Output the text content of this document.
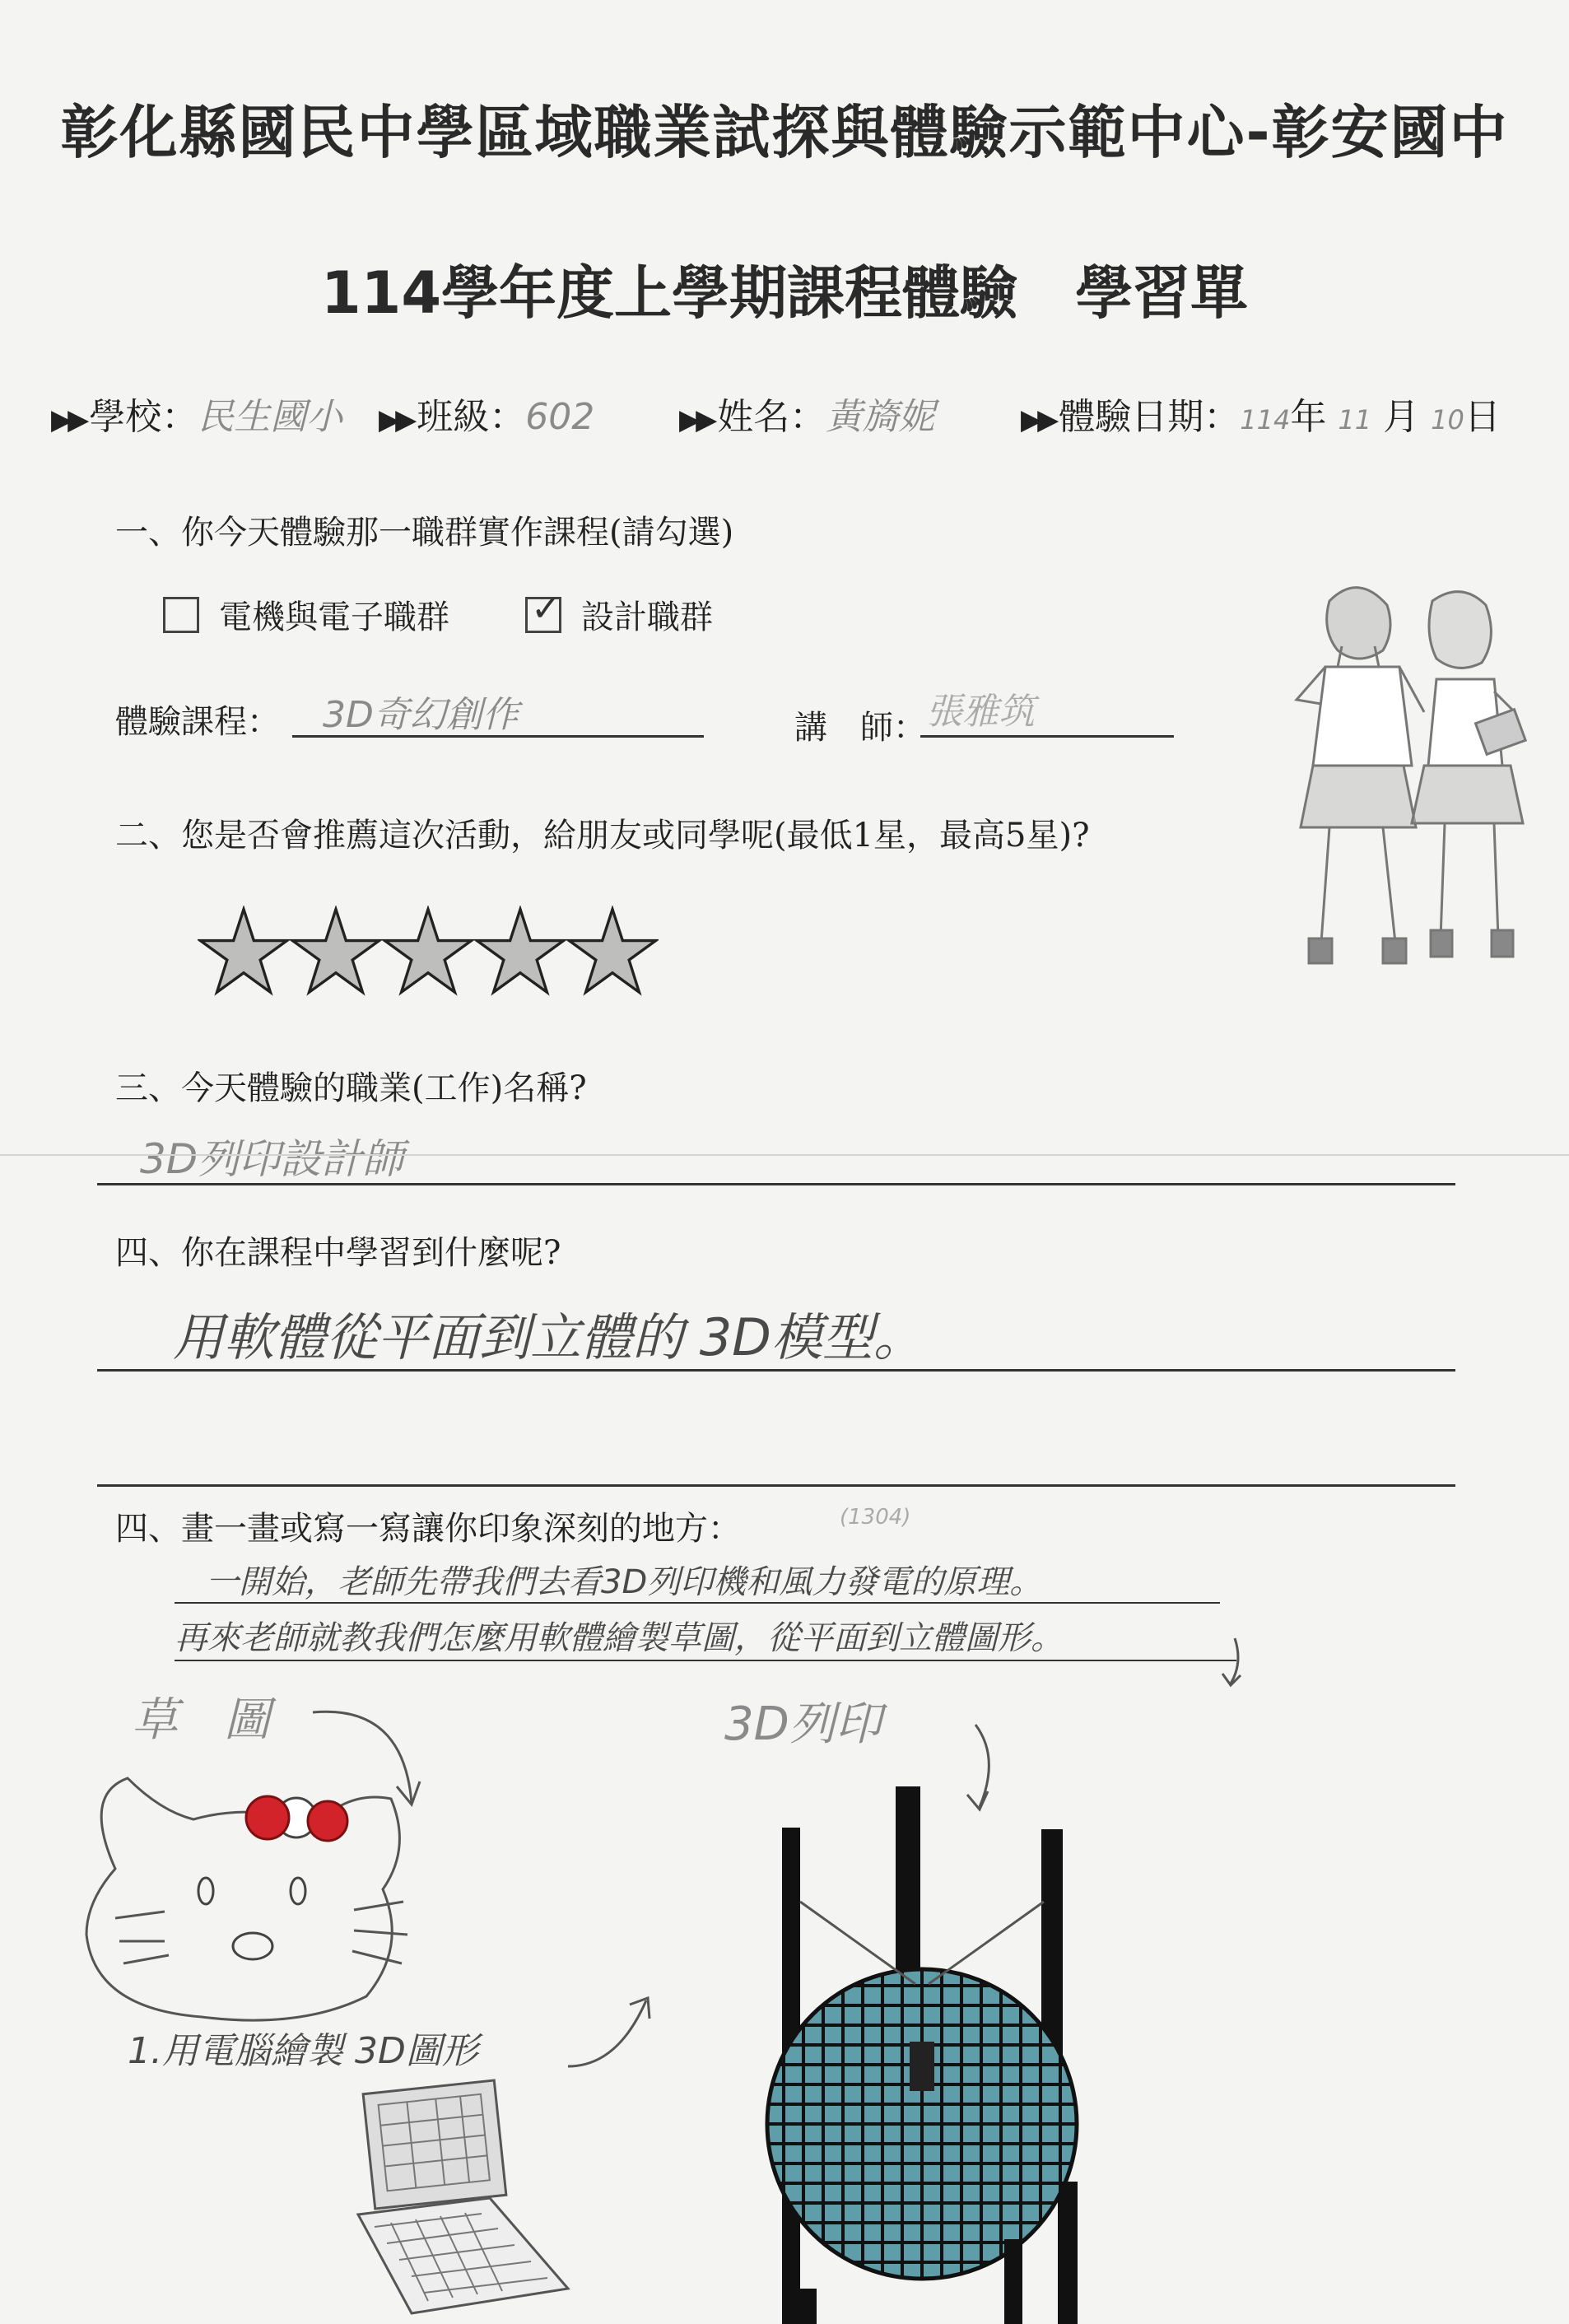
彰化縣國民中學區域職業試探與體驗示範中心-彰安國中
114學年度上學期課程體驗 學習單
▶▶ 學校：民生國小 ▶▶ 班級：602	▶▶ 姓名：黃旖妮	▶▶ 體驗日期：114年 11 月 10日
一、你今天體驗那一職群實作課程(請勾選)
電機與電子職群 ✓ 設計職群
體驗課程： 3D奇幻創作	講　師： 張雅筑
二、您是否會推薦這次活動，給朋友或同學呢(最低1星，最高5星)?
三、今天體驗的職業(工作)名稱?
3D列印設計師
四、你在課程中學習到什麼呢?
用軟體從平面到立體的 3D模型。
四、畫一畫或寫一寫讓你印象深刻的地方：	(1304)
一開始，老師先帶我們去看3D列印機和風力發電的原理。
再來老師就教我們怎麼用軟體繪製草圖，從平面到立體圖形。
草　圖	3D列印
1.用電腦繪製 3D圖形
